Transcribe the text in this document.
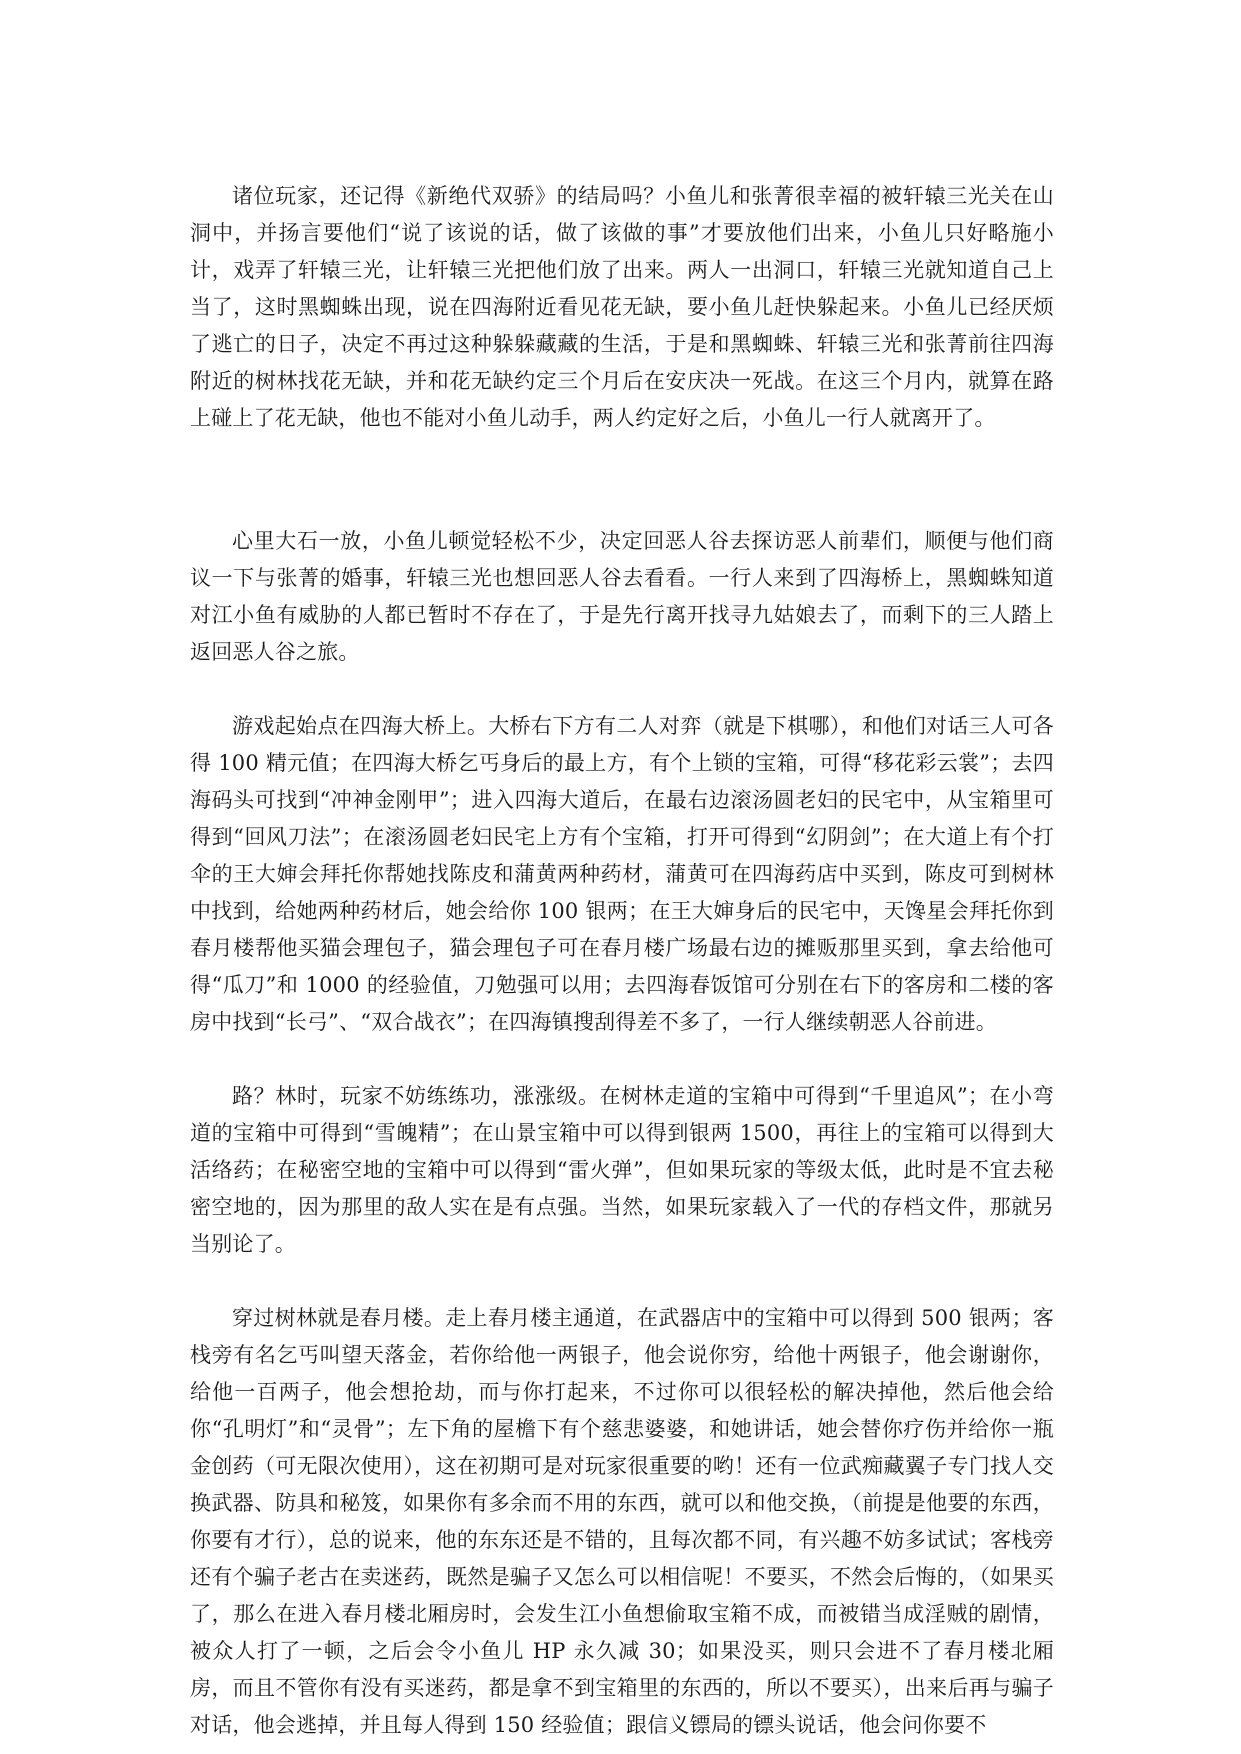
诸位玩家，还记得《新绝代双骄》的结局吗？小鱼儿和张菁很幸福的被轩辕三光关在山洞中，并扬言要他们“说了该说的话，做了该做的事”才要放他们出来，小鱼儿只好略施小计，戏弄了轩辕三光，让轩辕三光把他们放了出来。两人一出洞口，轩辕三光就知道自己上当了，这时黑蜘蛛出现，说在四海附近看见花无缺，要小鱼儿赶快躲起来。小鱼儿已经厌烦了逃亡的日子，决定不再过这种躲躲藏藏的生活，于是和黑蜘蛛、轩辕三光和张菁前往四海附近的树林找花无缺，并和花无缺约定三个月后在安庆决一死战。在这三个月内，就算在路上碰上了花无缺，他也不能对小鱼儿动手，两人约定好之后，小鱼儿一行人就离开了。

心里大石一放，小鱼儿顿觉轻松不少，决定回恶人谷去探访恶人前辈们，顺便与他们商议一下与张菁的婚事，轩辕三光也想回恶人谷去看看。一行人来到了四海桥上，黑蜘蛛知道对江小鱼有威胁的人都已暂时不存在了，于是先行离开找寻九姑娘去了，而剩下的三人踏上返回恶人谷之旅。

游戏起始点在四海大桥上。大桥右下方有二人对弈（就是下棋哪），和他们对话三人可各得 100 精元值；在四海大桥乞丐身后的最上方，有个上锁的宝箱，可得“移花彩云裳”；去四海码头可找到“冲神金刚甲”；进入四海大道后，在最右边滚汤圆老妇的民宅中，从宝箱里可得到“回风刀法”；在滚汤圆老妇民宅上方有个宝箱，打开可得到“幻阴剑”；在大道上有个打伞的王大婶会拜托你帮她找陈皮和蒲黄两种药材，蒲黄可在四海药店中买到，陈皮可到树林中找到，给她两种药材后，她会给你 100 银两；在王大婶身后的民宅中，天馋星会拜托你到春月楼帮他买猫会理包子，猫会理包子可在春月楼广场最右边的摊贩那里买到，拿去给他可得“瓜刀”和 1000 的经验值，刀勉强可以用；去四海春饭馆可分别在右下的客房和二楼的客房中找到“长弓”、“双合战衣”；在四海镇搜刮得差不多了，一行人继续朝恶人谷前进。

路？林时，玩家不妨练练功，涨涨级。在树林走道的宝箱中可得到“千里追风”；在小弯道的宝箱中可得到“雪魄精”；在山景宝箱中可以得到银两 1500，再往上的宝箱可以得到大活络药；在秘密空地的宝箱中可以得到“雷火弹”，但如果玩家的等级太低，此时是不宜去秘密空地的，因为那里的敌人实在是有点强。当然，如果玩家载入了一代的存档文件，那就另当别论了。

穿过树林就是春月楼。走上春月楼主通道，在武器店中的宝箱中可以得到 500 银两；客栈旁有名乞丐叫望天落金，若你给他一两银子，他会说你穷，给他十两银子，他会谢谢你，给他一百两子，他会想抢劫，而与你打起来，不过你可以很轻松的解决掉他，然后他会给你“孔明灯”和“灵骨”；左下角的屋檐下有个慈悲婆婆，和她讲话，她会替你疗伤并给你一瓶金创药（可无限次使用），这在初期可是对玩家很重要的哟！还有一位武痴藏翼子专门找人交换武器、防具和秘笈，如果你有多余而不用的东西，就可以和他交换，（前提是他要的东西，你要有才行），总的说来，他的东东还是不错的，且每次都不同，有兴趣不妨多试试；客栈旁还有个骗子老古在卖迷药，既然是骗子又怎么可以相信呢！不要买，不然会后悔的，（如果买了，那么在进入春月楼北厢房时，会发生江小鱼想偷取宝箱不成，而被错当成淫贼的剧情，被众人打了一顿，之后会令小鱼儿 HP 永久减 30；如果没买，则只会进不了春月楼北厢房，而且不管你有没有买迷药，都是拿不到宝箱里的东西的，所以不要买），出来后再与骗子对话，他会逃掉，并且每人得到 150 经验值；跟信义镖局的镖头说话，他会问你要不
